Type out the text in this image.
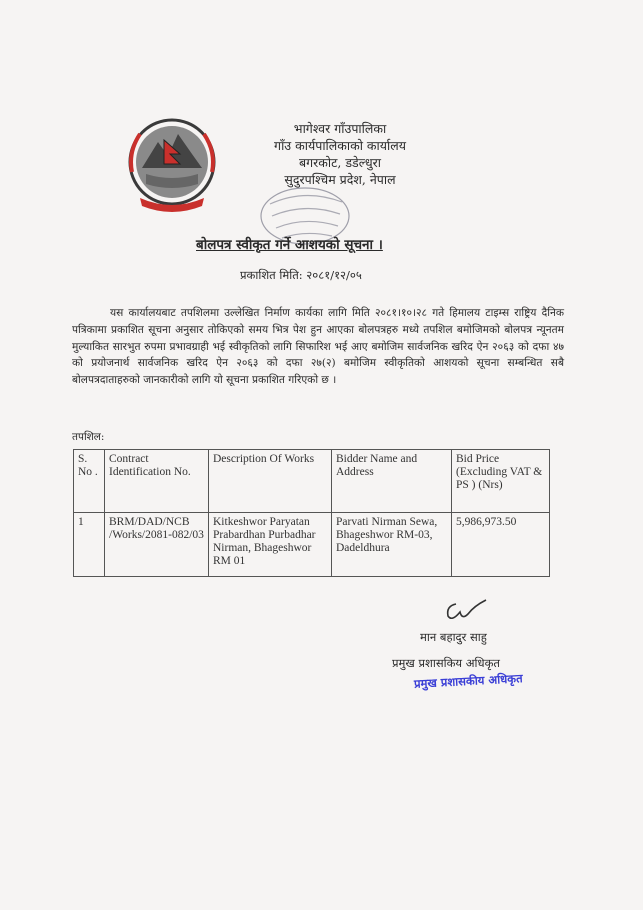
भागेश्वर गाँउपालिका
गाँउ कार्यपालिकाको कार्यालय
बगरकोट, डडेल्धुरा
सुदुरपश्चिम प्रदेश, नेपाल
बोलपत्र स्वीकृत गर्ने आशयको सूचना ।
प्रकाशित मिति: २०८१/१२/०५
यस कार्यालयबाट तपशिलमा उल्लेखित निर्माण कार्यका लागि मिति २०८१।१०।२८ गते हिमालय टाइम्स राष्ट्रिय दैनिक पत्रिकामा प्रकाशित सूचना अनुसार तोकिएको समय भित्र पेश हुन आएका बोलपत्रहरु मध्ये तपशिल बमोजिमको बोलपत्र न्यूनतम मुल्याकित सारभुत रुपमा प्रभावग्राही भई स्वीकृतिको लागि सिफारिश भई आए बमोजिम सार्वजनिक खरिद ऐन २०६३ को दफा ४७ को प्रयोजनार्थ सार्वजनिक खरिद ऐन २०६३ को दफा २७(२) बमोजिम स्वीकृतिको आशयको सूचना सम्बन्धित सबै बोलपत्रदाताहरुको जानकारीको लागि यो सूचना प्रकाशित गरिएको छ ।
तपशिल:
S. No .	Contract Identification No.	Description Of Works	Bidder Name and Address	Bid Price (Excluding VAT & PS ) (Nrs)
1	BRM/DAD/NCB /Works/2081-082/03	Kitkeshwor Paryatan Prabardhan Purbadhar Nirman, Bhageshwor RM 01	Parvati Nirman Sewa, Bhageshwor RM-03, Dadeldhura	5,986,973.50
मान बहादुर साहु
प्रमुख प्रशासकिय अधिकृत
प्रमुख प्रशासकीय अधिकृत
